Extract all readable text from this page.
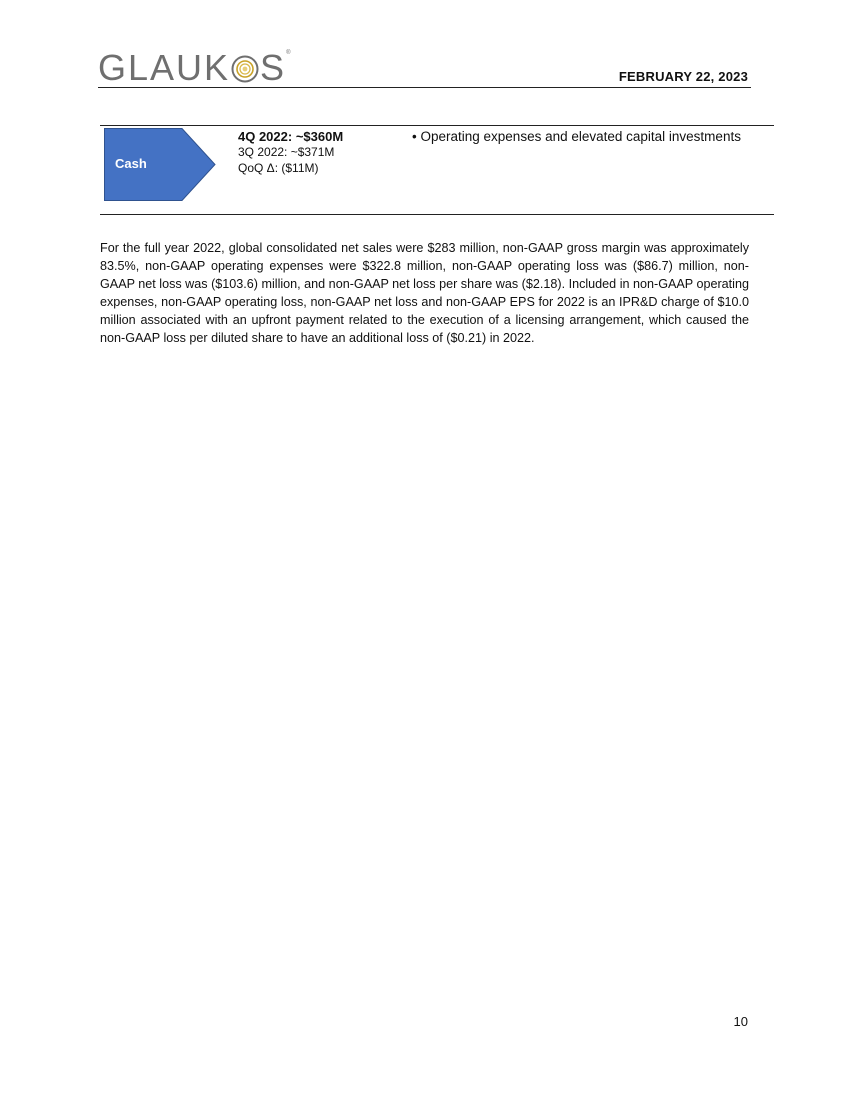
GLAUK S ®
FEBRUARY 22, 2023
Cash
4Q 2022: ~$360M
3Q 2022: ~$371M
QoQ Δ: ($11M)
• Operating expenses and elevated capital investments
For the full year 2022, global consolidated net sales were $283 million, non-GAAP gross margin was approximately 83.5%, non-GAAP operating expenses were $322.8 million, non-GAAP operating loss was ($86.7) million, non-GAAP net loss was ($103.6) million, and non-GAAP net loss per share was ($2.18). Included in non-GAAP operating expenses, non-GAAP operating loss, non-GAAP net loss and non-GAAP EPS for 2022 is an IPR&D charge of $10.0 million associated with an upfront payment related to the execution of a licensing arrangement, which caused the non-GAAP loss per diluted share to have an additional loss of ($0.21) in 2022.
10
